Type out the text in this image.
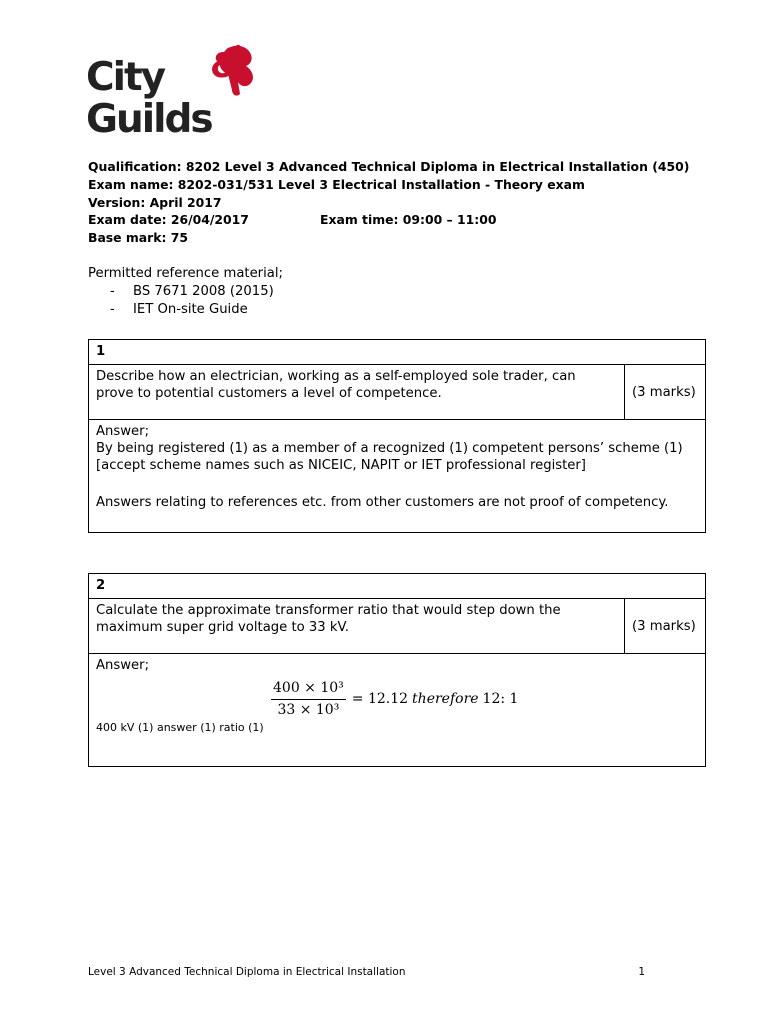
&
City
Guilds
Qualification: 8202 Level 3 Advanced Technical Diploma in Electrical Installation (450)
Exam name: 8202-031/531 Level 3 Electrical Installation - Theory exam
Version: April 2017
Exam date: 26/04/2017	Exam time: 09:00 – 11:00
Base mark: 75
Permitted reference material;
- BS 7671 2008 (2015)
- IET On-site Guide
1
Describe how an electrician, working as a self-employed sole trader, can prove to potential customers a level of competence.	(3 marks)

Answer;

By being registered (1) as a member of a recognized (1) competent persons’ scheme (1) [accept scheme names such as NICEIC, NAPIT or IET professional register]

Answers relating to references etc. from other customers are not proof of competency.

2
Calculate the approximate transformer ratio that would step down the maximum super grid voltage to 33 kV.	(3 marks)

Answer;

$\frac{\text{400 × 10³}}{\text{33 × 10³}} = 12.12$ therefore 12: 1

400 kV (1) answer (1) ratio (1)

Level 3 Advanced Technical Diploma in Electrical Installation	1
